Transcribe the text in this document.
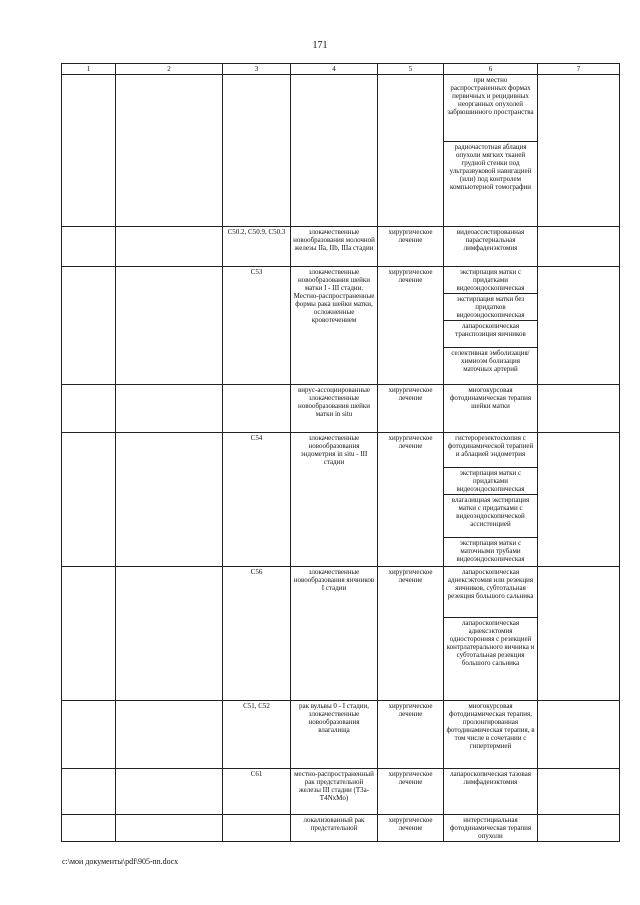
171
1	2	3	4	5	6	7

					при местно распространенных формах первичных и рецидивных неорганных опухолей забрюшинного пространства
радиочастотная аблация опухоли мягких тканей грудной стенки под ультразвуковой навигацией (или) под контролем компьютерной томографии	

		C50.2, C50.9, C50.3	злокачественные новообразования молочной железы IIa, IIb, IIIa стадии	хирургическое лечение	видеоассистированная парастернальная лимфаденэктомия	
		C53	злокачественные новообразования шейки матки I - III стадии. Местно-распространенные формы рака шейки матки, осложненные кровотечением	хирургическое лечение	экстирпация матки с придатками видеоэндоскопическая
экстирпация матки без придатков видеоэндоскопическая
лапароскопическая транспозиция яичников
селективная эмболизация/химиоэм болизация маточных артерий	

			вирус-ассоциированные злокачественные новообразования шейки матки in situ	хирургическое лечение	многокурсовая фотодинамическая терапия шейки матки	
		C54	злокачественные новообразования эндометрия in situ - III стадии	хирургическое лечение	гистерорезектоскопия с фотодинамической терапией и аблацией эндометрия
экстирпация матки с придатками видеоэндоскопическая
влагалищная экстирпация матки с придатками с видеоэндоскопической ассистенцией
экстирпация матки с маточными трубами видеоэндоскопическая	

		C56	злокачественные новообразования яичников I стадии	хирургическое лечение	лапароскопическая аднексэктомия или резекция яичников, субтотальная резекция большого сальника
лапароскопическая аднексэктомия односторонняя с резекцией контрлатерального яичника и субтотальная резекция большого сальника	

		C51, C52	рак вульвы 0 - I стадии, злокачественные новообразования влагалища	хирургическое лечение	многокурсовая фотодинамическая терапия, пролонгированная фотодинамическая терапия, в том числе в сочетании с гипертермией	
		C61	местно-распространенный рак предстательной железы III стадии (T3a-T4NxMo)	хирургическое лечение	лапароскопическая тазовая лимфаденэктомия	
			локализованный рак предстательной	хирургическое лечение	интерстициальная фотодинамическая терапия опухоли	
c:\мои документы\pdf\905-nn.docx
